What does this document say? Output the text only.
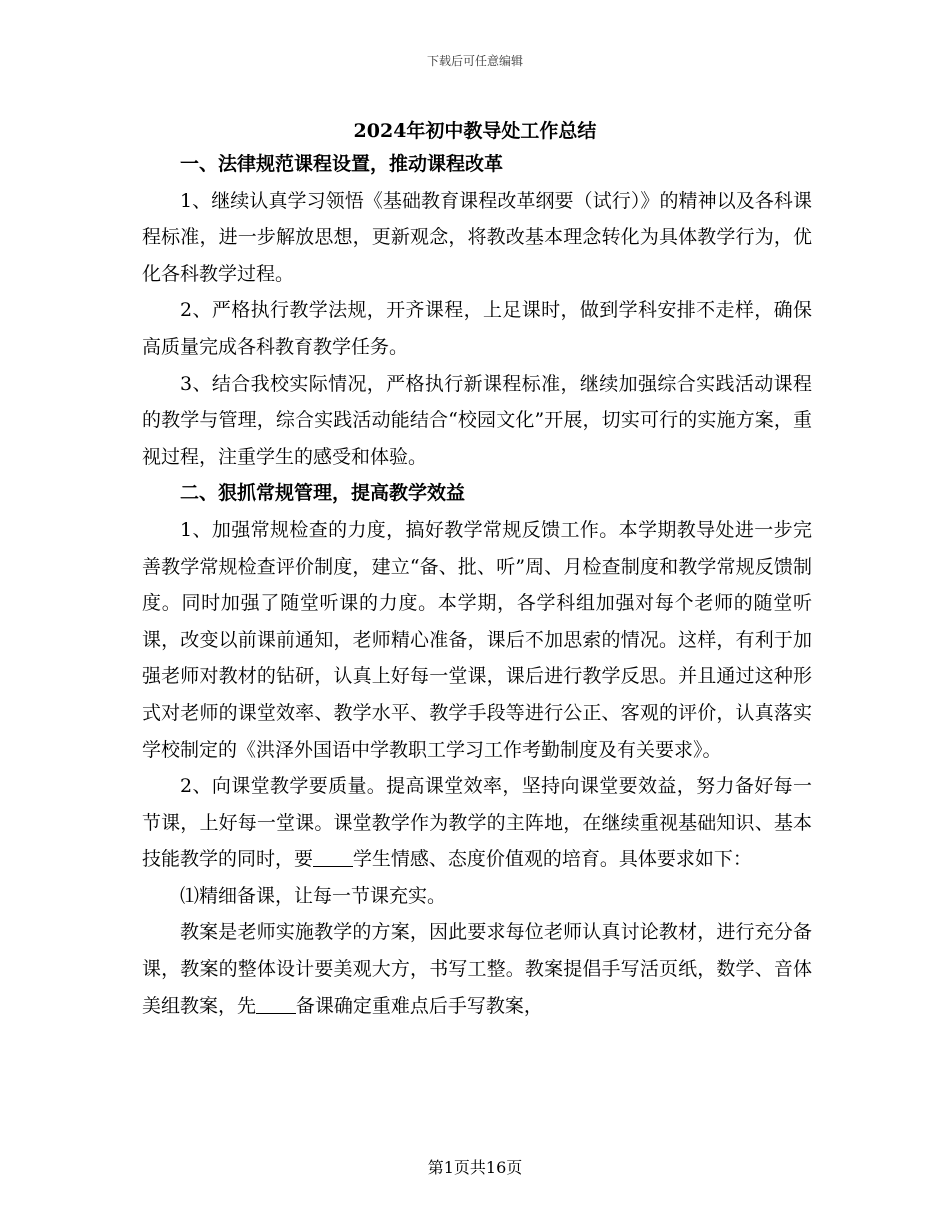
下载后可任意编辑
2024年初中教导处工作总结

一、法律规范课程设置，推动课程改革

1、继续认真学习领悟《基础教育课程改革纲要（试行）》的精神以及各科课程标准，进一步解放思想，更新观念，将教改基本理念转化为具体教学行为，优化各科教学过程。

2、严格执行教学法规，开齐课程，上足课时，做到学科安排不走样，确保高质量完成各科教育教学任务。

3、结合我校实际情况，严格执行新课程标准，继续加强综合实践活动课程的教学与管理，综合实践活动能结合“校园文化”开展，切实可行的实施方案，重视过程，注重学生的感受和体验。

二、狠抓常规管理，提高教学效益

1、加强常规检查的力度，搞好教学常规反馈工作。本学期教导处进一步完善教学常规检查评价制度，建立“备、批、听”周、月检查制度和教学常规反馈制度。同时加强了随堂听课的力度。本学期，各学科组加强对每个老师的随堂听课，改变以前课前通知，老师精心准备，课后不加思索的情况。这样，有利于加强老师对教材的钻研，认真上好每一堂课，课后进行教学反思。并且通过这种形式对老师的课堂效率、教学水平、教学手段等进行公正、客观的评价，认真落实学校制定的《洪泽外国语中学教职工学习工作考勤制度及有关要求》。

2、向课堂教学要质量。提高课堂效率，坚持向课堂要效益，努力备好每一节课，上好每一堂课。课堂教学作为教学的主阵地，在继续重视基础知识、基本技能教学的同时，要 学生情感、态度价值观的培育。具体要求如下：

⑴精细备课，让每一节课充实。

教案是老师实施教学的方案，因此要求每位老师认真讨论教材，进行充分备课，教案的整体设计要美观大方，书写工整。教案提倡手写活页纸，数学、音体美组教案，先 备课确定重难点后手写教案，

第1页共16页
